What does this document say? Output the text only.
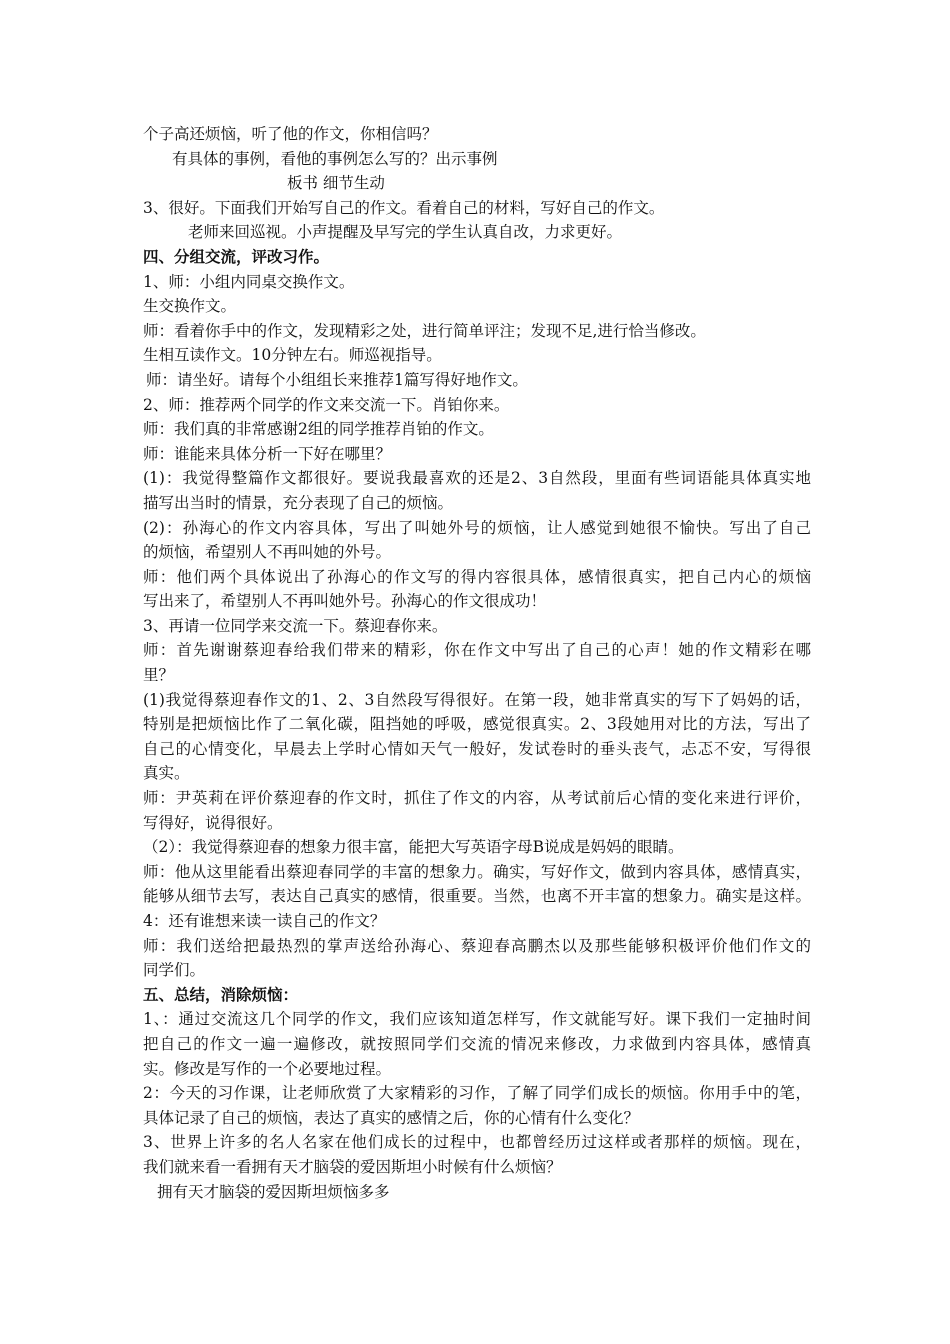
个子高还烦恼，听了他的作文，你相信吗？
有具体的事例，看他的事例怎么写的？出示事例
板书 细节生动
3、很好。下面我们开始写自己的作文。看着自己的材料，写好自己的作文。
老师来回巡视。小声提醒及早写完的学生认真自改，力求更好。
四、分组交流，评改习作。
1、师：小组内同桌交换作文。
生交换作文。
师：看着你手中的作文，发现精彩之处，进行简单评注；发现不足,进行恰当修改。
生相互读作文。10分钟左右。师巡视指导。
师：请坐好。请每个小组组长来推荐1篇写得好地作文。
2、师：推荐两个同学的作文来交流一下。肖铂你来。
师：我们真的非常感谢2组的同学推荐肖铂的作文。
师：谁能来具体分析一下好在哪里？
(1)：我觉得整篇作文都很好。要说我最喜欢的还是2、3自然段，里面有些词语能具体真实地
描写出当时的情景，充分表现了自己的烦恼。
(2)：孙海心的作文内容具体，写出了叫她外号的烦恼，让人感觉到她很不愉快。写出了自己
的烦恼，希望别人不再叫她的外号。
师：他们两个具体说出了孙海心的作文写的得内容很具体，感情很真实，把自己内心的烦恼
写出来了，希望别人不再叫她外号。孙海心的作文很成功！
3、再请一位同学来交流一下。蔡迎春你来。
师：首先谢谢蔡迎春给我们带来的精彩，你在作文中写出了自己的心声！她的作文精彩在哪
里？
(1)我觉得蔡迎春作文的1、2、3自然段写得很好。在第一段，她非常真实的写下了妈妈的话，
特别是把烦恼比作了二氧化碳，阻挡她的呼吸，感觉很真实。2、3段她用对比的方法，写出了
自己的心情变化，早晨去上学时心情如天气一般好，发试卷时的垂头丧气，忐忑不安，写得很
真实。
师：尹英莉在评价蔡迎春的作文时，抓住了作文的内容，从考试前后心情的变化来进行评价，
写得好，说得很好。
（2）：我觉得蔡迎春的想象力很丰富，能把大写英语字母B说成是妈妈的眼睛。
师：他从这里能看出蔡迎春同学的丰富的想象力。确实，写好作文，做到内容具体，感情真实，
能够从细节去写，表达自己真实的感情，很重要。当然，也离不开丰富的想象力。确实是这样。
4：还有谁想来读一读自己的作文？
师：我们送给把最热烈的掌声送给孙海心、蔡迎春高鹏杰以及那些能够积极评价他们作文的
同学们。
五、总结，消除烦恼：
1、：通过交流这几个同学的作文，我们应该知道怎样写，作文就能写好。课下我们一定抽时间
把自己的作文一遍一遍修改，就按照同学们交流的情况来修改，力求做到内容具体，感情真
实。修改是写作的一个必要地过程。
2：今天的习作课，让老师欣赏了大家精彩的习作，了解了同学们成长的烦恼。你用手中的笔，
具体记录了自己的烦恼，表达了真实的感情之后，你的心情有什么变化？
3、世界上许多的名人名家在他们成长的过程中，也都曾经历过这样或者那样的烦恼。现在，
我们就来看一看拥有天才脑袋的爱因斯坦小时候有什么烦恼？
拥有天才脑袋的爱因斯坦烦恼多多
